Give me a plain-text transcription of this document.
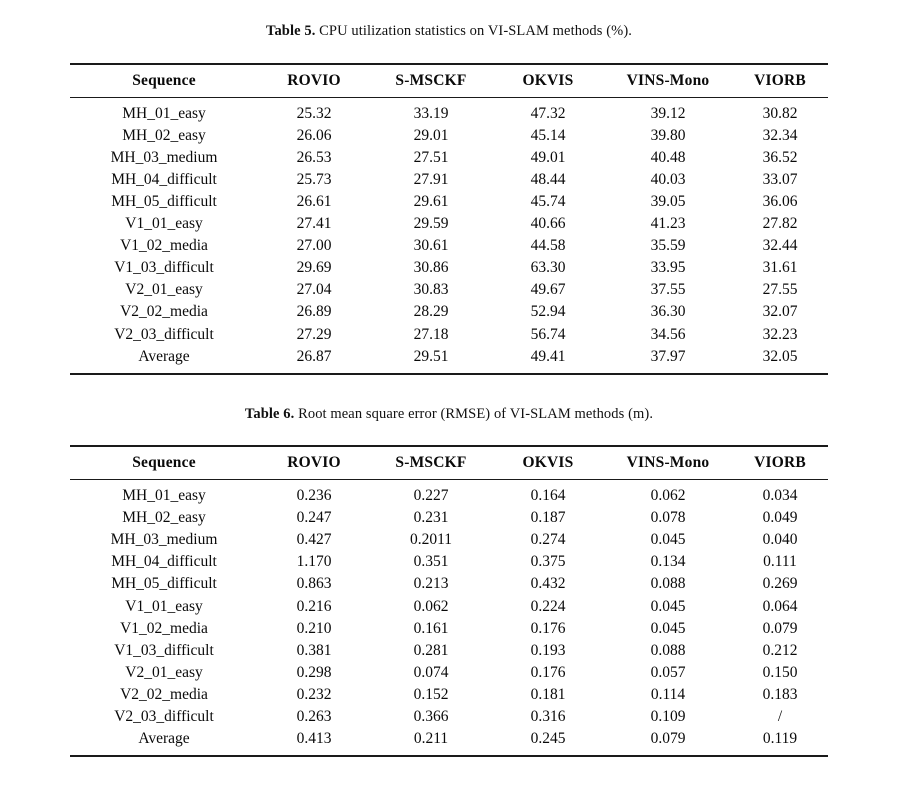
Table 5. CPU utilization statistics on VI-SLAM methods (%).
Sequence	ROVIO	S-MSCKF	OKVIS	VINS-Mono	VIORB
MH_01_easy	25.32	33.19	47.32	39.12	30.82
MH_02_easy	26.06	29.01	45.14	39.80	32.34
MH_03_medium	26.53	27.51	49.01	40.48	36.52
MH_04_difficult	25.73	27.91	48.44	40.03	33.07
MH_05_difficult	26.61	29.61	45.74	39.05	36.06
V1_01_easy	27.41	29.59	40.66	41.23	27.82
V1_02_media	27.00	30.61	44.58	35.59	32.44
V1_03_difficult	29.69	30.86	63.30	33.95	31.61
V2_01_easy	27.04	30.83	49.67	37.55	27.55
V2_02_media	26.89	28.29	52.94	36.30	32.07
V2_03_difficult	27.29	27.18	56.74	34.56	32.23
Average	26.87	29.51	49.41	37.97	32.05
Table 6. Root mean square error (RMSE) of VI-SLAM methods (m).
Sequence	ROVIO	S-MSCKF	OKVIS	VINS-Mono	VIORB
MH_01_easy	0.236	0.227	0.164	0.062	0.034
MH_02_easy	0.247	0.231	0.187	0.078	0.049
MH_03_medium	0.427	0.2011	0.274	0.045	0.040
MH_04_difficult	1.170	0.351	0.375	0.134	0.111
MH_05_difficult	0.863	0.213	0.432	0.088	0.269
V1_01_easy	0.216	0.062	0.224	0.045	0.064
V1_02_media	0.210	0.161	0.176	0.045	0.079
V1_03_difficult	0.381	0.281	0.193	0.088	0.212
V2_01_easy	0.298	0.074	0.176	0.057	0.150
V2_02_media	0.232	0.152	0.181	0.114	0.183
V2_03_difficult	0.263	0.366	0.316	0.109	/
Average	0.413	0.211	0.245	0.079	0.119
